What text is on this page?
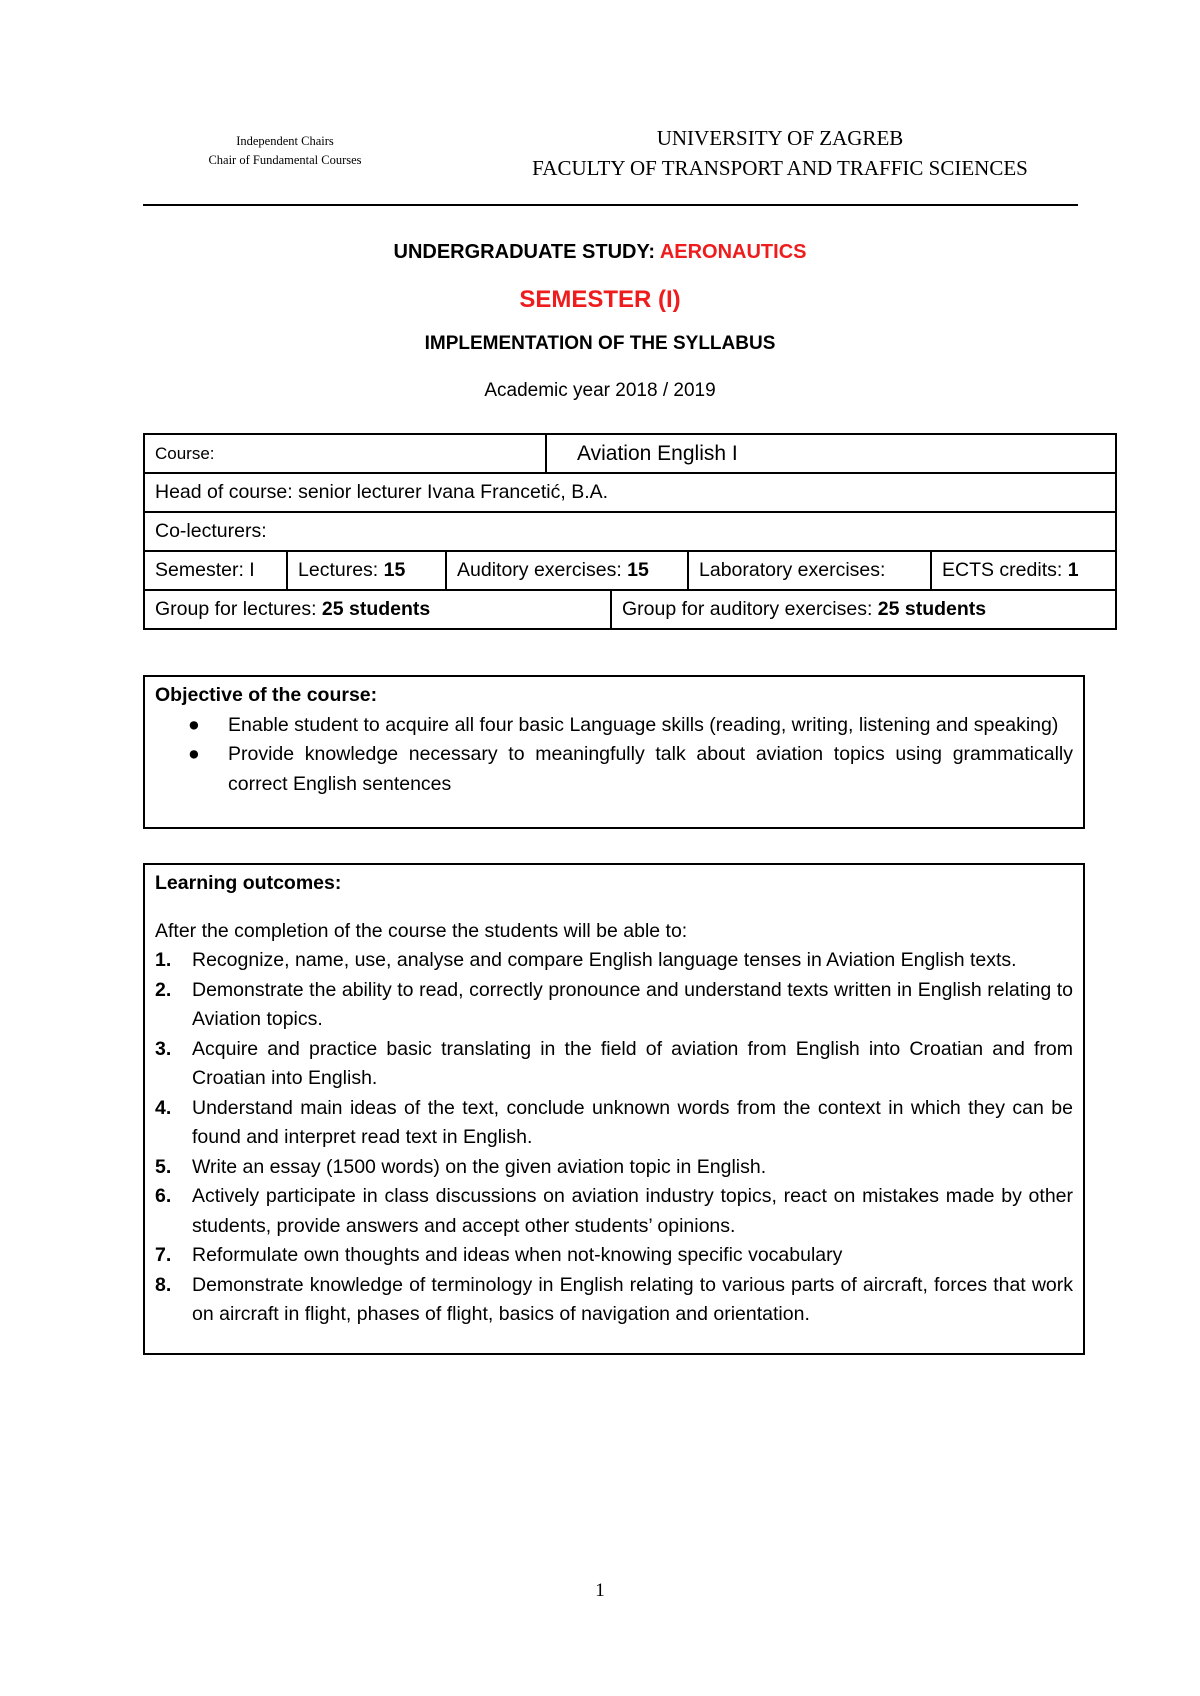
Independent Chairs
Chair of Fundamental Courses
UNIVERSITY OF ZAGREB
FACULTY OF TRANSPORT AND TRAFFIC SCIENCES
UNDERGRADUATE STUDY: AERONAUTICS
SEMESTER (I)
IMPLEMENTATION OF THE SYLLABUS
Academic year 2018 / 2019
Course:	Aviation English I

Head of course: senior lecturer Ivana Francetić, B.A.
Co-lecturers:

Semester: I	Lectures: 15	Auditory exercises: 15	Laboratory exercises:	ECTS credits: 1

Group for lectures: 25 students	Group for auditory exercises: 25 students
Objective of the course:
● Enable student to acquire all four basic Language skills (reading, writing, listening and speaking)
● Provide knowledge necessary to meaningfully talk about aviation topics using grammatically correct English sentences
Learning outcomes:
After the completion of the course the students will be able to:
1. Recognize, name, use, analyse and compare English language tenses in Aviation English texts.
2. Demonstrate the ability to read, correctly pronounce and understand texts written in English relating to Aviation topics.
3. Acquire and practice basic translating in the field of aviation from English into Croatian and from Croatian into English.
4. Understand main ideas of the text, conclude unknown words from the context in which they can be found and interpret read text in English.
5. Write an essay (1500 words) on the given aviation topic in English.
6. Actively participate in class discussions on aviation industry topics, react on mistakes made by other students, provide answers and accept other students’ opinions.
7. Reformulate own thoughts and ideas when not-knowing specific vocabulary
8. Demonstrate knowledge of terminology in English relating to various parts of aircraft, forces that work on aircraft in flight, phases of flight, basics of navigation and orientation.
1
